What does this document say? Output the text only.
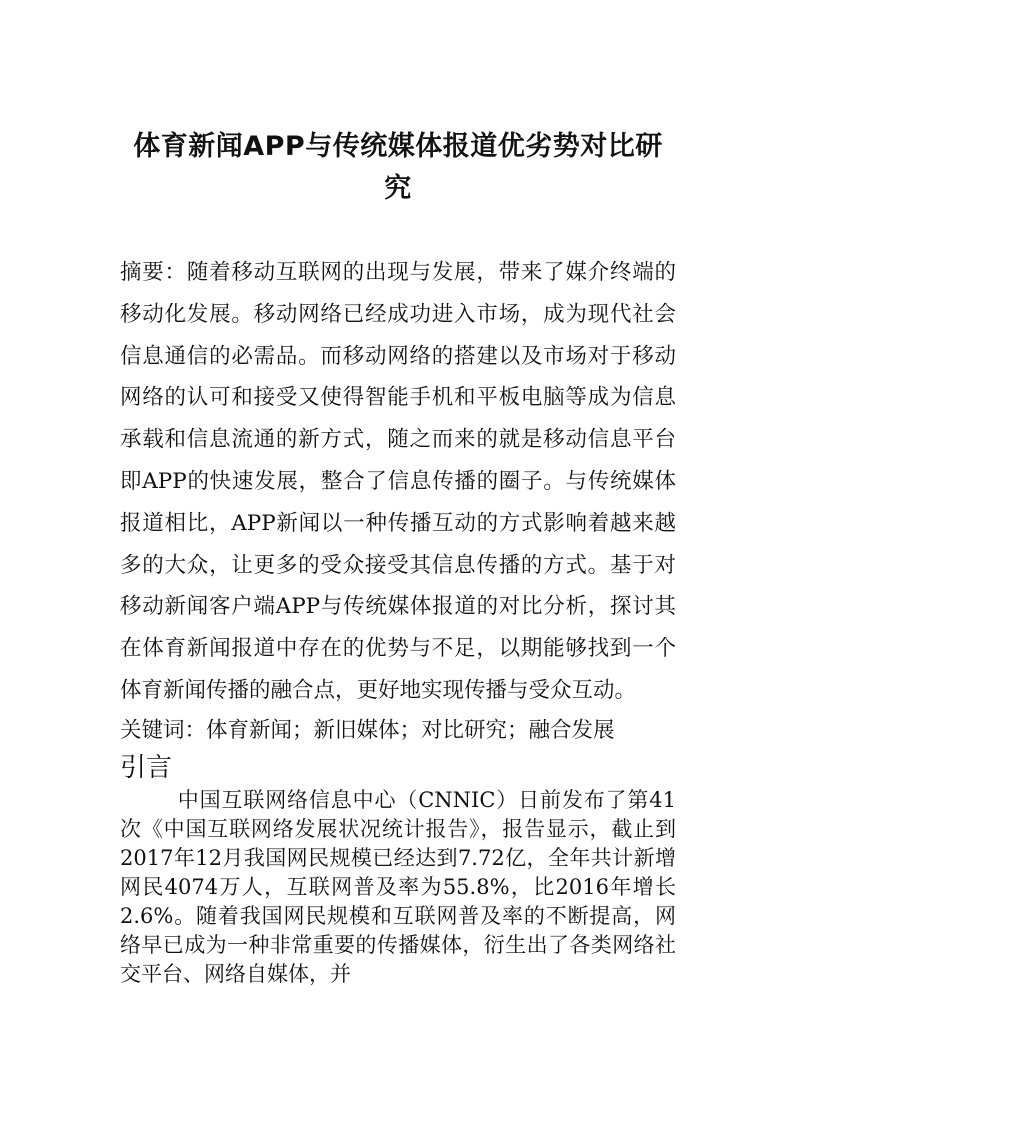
体育新闻APP与传统媒体报道优劣势对比研究

摘要：随着移动互联网的出现与发展，带来了媒介终端的移动化发展。移动网络已经成功进入市场，成为现代社会信息通信的必需品。而移动网络的搭建以及市场对于移动网络的认可和接受又使得智能手机和平板电脑等成为信息承载和信息流通的新方式，随之而来的就是移动信息平台即APP的快速发展，整合了信息传播的圈子。与传统媒体报道相比，APP新闻以一种传播互动的方式影响着越来越多的大众，让更多的受众接受其信息传播的方式。基于对移动新闻客户端APP与传统媒体报道的对比分析，探讨其在体育新闻报道中存在的优势与不足，以期能够找到一个体育新闻传播的融合点，更好地实现传播与受众互动。

关键词：体育新闻；新旧媒体；对比研究；融合发展

引言

中国互联网络信息中心（CNNIC）日前发布了第41次《中国互联网络发展状况统计报告》，报告显示，截止到2017年12月我国网民规模已经达到7.72亿，全年共计新增网民4074万人，互联网普及率为55.8%，比2016年增长2.6%。随着我国网民规模和互联网普及率的不断提高，网络早已成为一种非常重要的传播媒体，衍生出了各类网络社交平台、网络自媒体，并
